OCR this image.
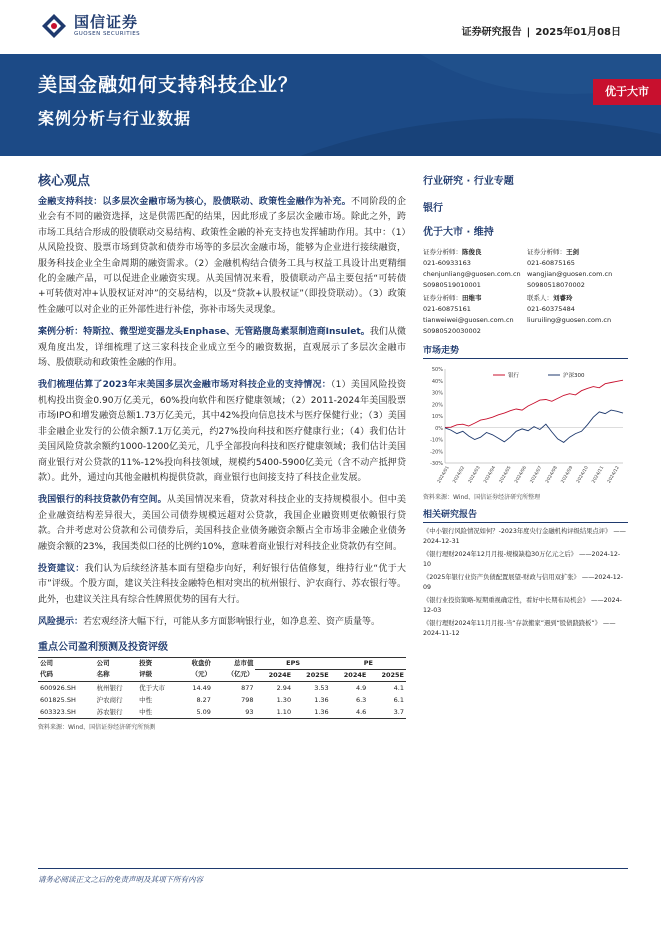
国信证券
GUOSEN SECURITIES	证券研究报告 | 2025年01月08日
美国金融如何支持科技企业？
案例分析与行业数据
优于大市
核心观点

金融支持科技：以多层次金融市场为核心，股债联动、政策性金融作为补充。不同阶段的企业会有不同的融资选择，这是供需匹配的结果，因此形成了多层次金融市场。除此之外，跨市场工具结合形成的股债联动交易结构、政策性金融的补充支持也发挥辅助作用。其中：（1）从风险投资、股票市场到贷款和债券市场等的多层次金融市场，能够为企业进行接续融资，服务科技企业全生命周期的融资需求。（2）金融机构结合债务工具与权益工具设计出更精细化的金融产品，可以促进企业融资实现。从美国情况来看，股债联动产品主要包括“可转债+可转债对冲+认股权证对冲”的交易结构，以及“贷款+认股权证”（即投贷联动）。（3）政策性金融可以对企业的正外部性进行补偿，弥补市场失灵现象。

案例分析：特斯拉、微型逆变器龙头Enphase、无管路腹岛素泵制造商Insulet。我们从微观角度出发，详细梳理了这三家科技企业成立至今的融资数据，直观展示了多层次金融市场、股债联动和政策性金融的作用。

我们梳理估算了2023年末美国多层次金融市场对科技企业的支持情况：（1）美国风险投资机构投出资金0.90万亿美元，60%投向软件和医疗健康领域；（2）2011-2024年美国股票市场IPO和增发融资总额1.73万亿美元，其中42%投向信息技术与医疗保健行业；（3）美国非金融企业发行的公债余额7.1万亿美元，约27%投向科技和医疗健康行业；（4）我们估计美国风险贷款余额约1000-1200亿美元，几乎全部投向科技和医疗健康领域；我们估计美国商业银行对公贷款的11%-12%投向科技领域，规模约5400-5900亿美元（含不动产抵押贷款）。此外，通过向其他金融机构提供贷款，商业银行也间接支持了科技企业发展。

我国银行的科技贷款仍有空间。从美国情况来看，贷款对科技企业的支持规模很小。但中美企业融资结构差异很大，美国公司债券规模远超对公贷款，我国企业融资则更依赖银行贷款。合并考虑对公贷款和公司债券后，美国科技企业债务融资余额占全市场非金融企业债务融资余额的23%，我国类似口径的比例约10%，意味着商业银行对科技企业贷款仍有空间。

投资建议：我们认为后续经济基本面有望稳步向好，利好银行估值修复，维持行业“优于大市”评级。个股方面，建议关注科技金融特色相对突出的杭州银行、沪农商行、苏农银行等。此外，也建议关注具有综合性牌照优势的国有大行。

风险提示：若宏观经济大幅下行，可能从多方面影响银行业，如净息差、资产质量等。

重点公司盈利预测及投资评级
公司	公司	投资	收盘价	总市值	EPS		PE	
代码	名称	评级	（元）	（亿元）	2024E	2025E	2024E	2025E
600926.SH	杭州银行	优于大市	14.49	877	2.94	3.53	4.9	4.1
601825.SH	沪农商行	中性	8.27	798	1.30	1.36	6.3	6.1
603323.SH	苏农银行	中性	5.09	93	1.10	1.36	4.6	3.7
资料来源：Wind、国信证券经济研究所预测
行业研究 · 行业专题
银行
优于大市 · 维持
证券分析师：陈俊良
021-60933163
chenjunliang@guosen.com.cn
S0980519010001
证券分析师：王剑
021-60875165
wangjian@guosen.com.cn
S0980518070002
证券分析师：田维韦
021-60875161
tianweiwei@guosen.com.cn
S0980520030002
联系人：刘睿玲
021-60375484
liuruiling@guosen.com.cn
市场走势
50%
40%
30%
20%
10%
0%
-10%
-20%
-30%
2024/01 2024/02 2024/03 2024/04 2024/05 2024/06 2024/07 2024/08 2024/09 2024/10 2024/11 2024/12
银行	沪深300
资料来源：Wind、国信证券经济研究所整理
相关研究报告
《中小银行风险情况如何？-2023年度央行金融机构评级结果点评》 ——2024-12-31
《银行理财2024年12月月报-规模缺稳30万亿元之后》 ——2024-12-10
《2025年银行业资产负债配置展望-财政与信用双扩张》 ——2024-12-09
《银行业投资策略-短期重视确定性，看好中长期布局机会》 ——2024-12-03
《银行理财2024年11月月报-当“存款搬家”遇到“股债跷跷板”》 ——2024-11-12
请务必阅读正文之后的免责声明及其项下所有内容
